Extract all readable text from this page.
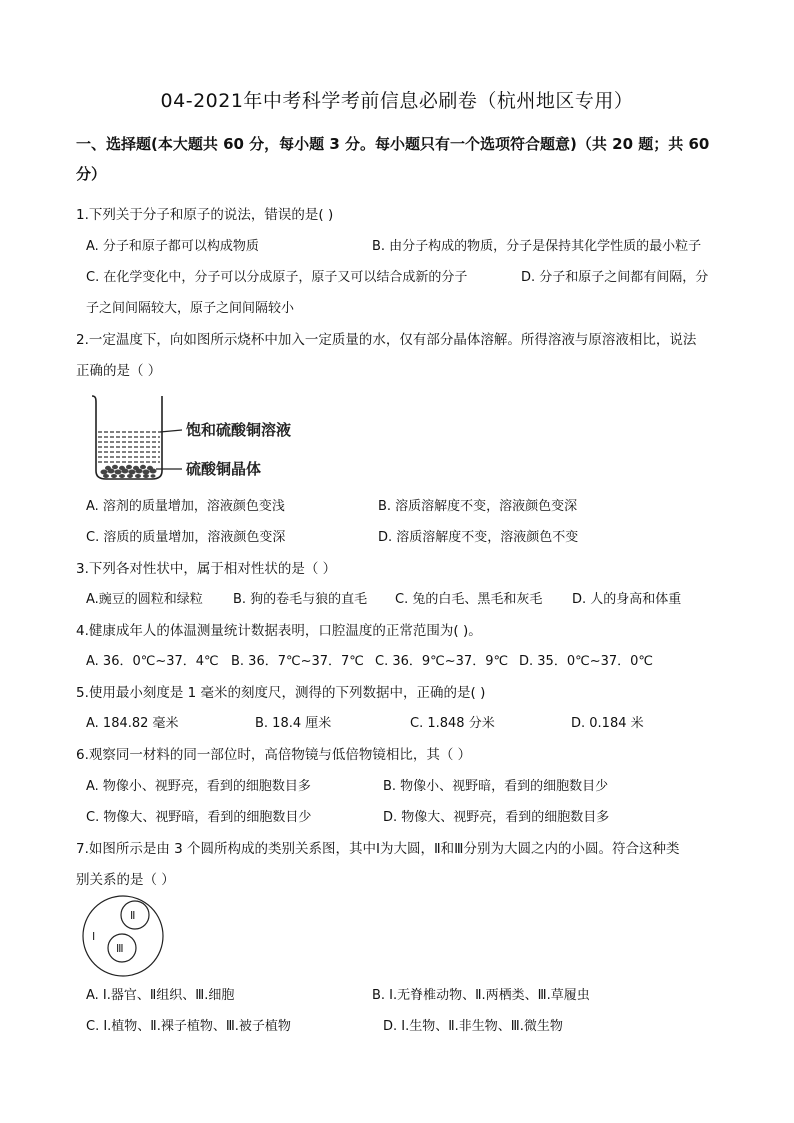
04-2021年中考科学考前信息必刷卷（杭州地区专用）
一、选择题(本大题共 60 分，每小题 3 分。每小题只有一个选项符合题意)（共 20 题；共 60
分）
1.下列关于分子和原子的说法，错误的是( )
A. 分子和原子都可以构成物质	B. 由分子构成的物质，分子是保持其化学性质的最小粒子
C. 在化学变化中，分子可以分成原子，原子又可以结合成新的分子	D. 分子和原子之间都有间隔，分
子之间间隔较大，原子之间间隔较小
2.一定温度下，向如图所示烧杯中加入一定质量的水，仅有部分晶体溶解。所得溶液与原溶液相比，说法
正确的是（ ）
饱和硫酸铜溶液
硫酸铜晶体
A. 溶剂的质量增加，溶液颜色变浅	B. 溶质溶解度不变，溶液颜色变深
C. 溶质的质量增加，溶液颜色变深	D. 溶质溶解度不变，溶液颜色不变
3.下列各对性状中，属于相对性状的是（ ）
A.豌豆的圆粒和绿粒 B. 狗的卷毛与狼的直毛 C. 兔的白毛、黑毛和灰毛 D. 人的身高和体重
4.健康成年人的体温测量统计数据表明，口腔温度的正常范围为( )。
A. 36．0℃~37．4℃ B. 36．7℃~37．7℃ C. 36．9℃~37．9℃ D. 35．0℃~37．0℃
5.使用最小刻度是 1 毫米的刻度尺，测得的下列数据中，正确的是( )
A. 184.82 毫米	B. 18.4 厘米	C. 1.848 分米	D. 0.184 米
6.观察同一材料的同一部位时，高倍物镜与低倍物镜相比，其（ ）
A. 物像小、视野亮，看到的细胞数目多	B. 物像小、视野暗，看到的细胞数目少
C. 物像大、视野暗，看到的细胞数目少	D. 物像大、视野亮，看到的细胞数目多
7.如图所示是由 3 个圆所构成的类别关系图，其中Ⅰ为大圆，Ⅱ和Ⅲ分别为大圆之内的小圆。符合这种类
别关系的是（ ）
Ⅰ
Ⅱ
Ⅲ
A. Ⅰ.器官、Ⅱ组织、Ⅲ.细胞	B. Ⅰ.无脊椎动物、Ⅱ.两栖类、Ⅲ.草履虫
C. Ⅰ.植物、Ⅱ.裸子植物、Ⅲ.被子植物	D. Ⅰ.生物、Ⅱ.非生物、Ⅲ.微生物
